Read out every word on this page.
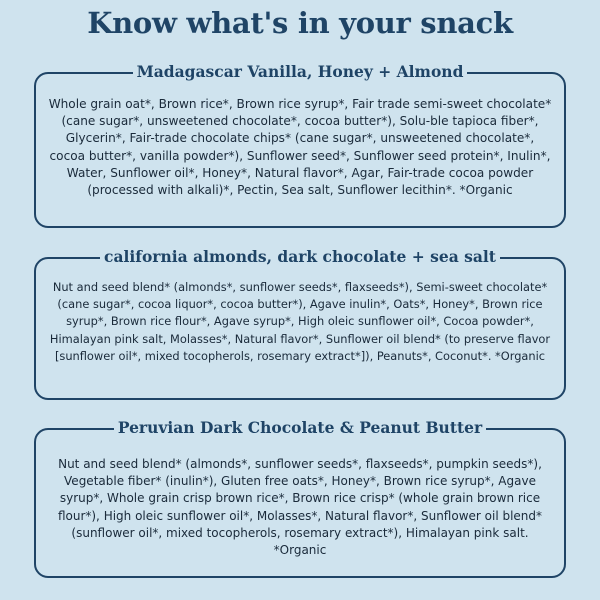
Know what's in your snack
Madagascar Vanilla, Honey + Almond
Whole grain oat*, Brown rice*, Brown rice syrup*, Fair trade semi-sweet chocolate* (cane sugar*, unsweetened chocolate*, cocoa butter*), Solu-ble tapioca fiber*, Glycerin*, Fair-trade chocolate chips* (cane sugar*, unsweetened chocolate*, cocoa butter*, vanilla powder*), Sunflower seed*, Sunflower seed protein*, Inulin*, Water, Sunflower oil*, Honey*, Natural flavor*, Agar, Fair-trade cocoa powder (processed with alkali)*, Pectin, Sea salt, Sunflower lecithin*. *Organic
california almonds, dark chocolate + sea salt
Nut and seed blend* (almonds*, sunflower seeds*, flaxseeds*), Semi-sweet chocolate* (cane sugar*, cocoa liquor*, cocoa butter*), Agave inulin*, Oats*, Honey*, Brown rice syrup*, Brown rice flour*, Agave syrup*, High oleic sunflower oil*, Cocoa powder*, Himalayan pink salt, Molasses*, Natural flavor*, Sunflower oil blend* (to preserve flavor [sunflower oil*, mixed tocopherols, rosemary extract*]), Peanuts*, Coconut*. *Organic
Peruvian Dark Chocolate & Peanut Butter
Nut and seed blend* (almonds*, sunflower seeds*, flaxseeds*, pumpkin seeds*), Vegetable fiber* (inulin*), Gluten free oats*, Honey*, Brown rice syrup*, Agave syrup*, Whole grain crisp brown rice*, Brown rice crisp* (whole grain brown rice flour*), High oleic sunflower oil*, Molasses*, Natural flavor*, Sunflower oil blend* (sunflower oil*, mixed tocopherols, rosemary extract*), Himalayan pink salt. *Organic
